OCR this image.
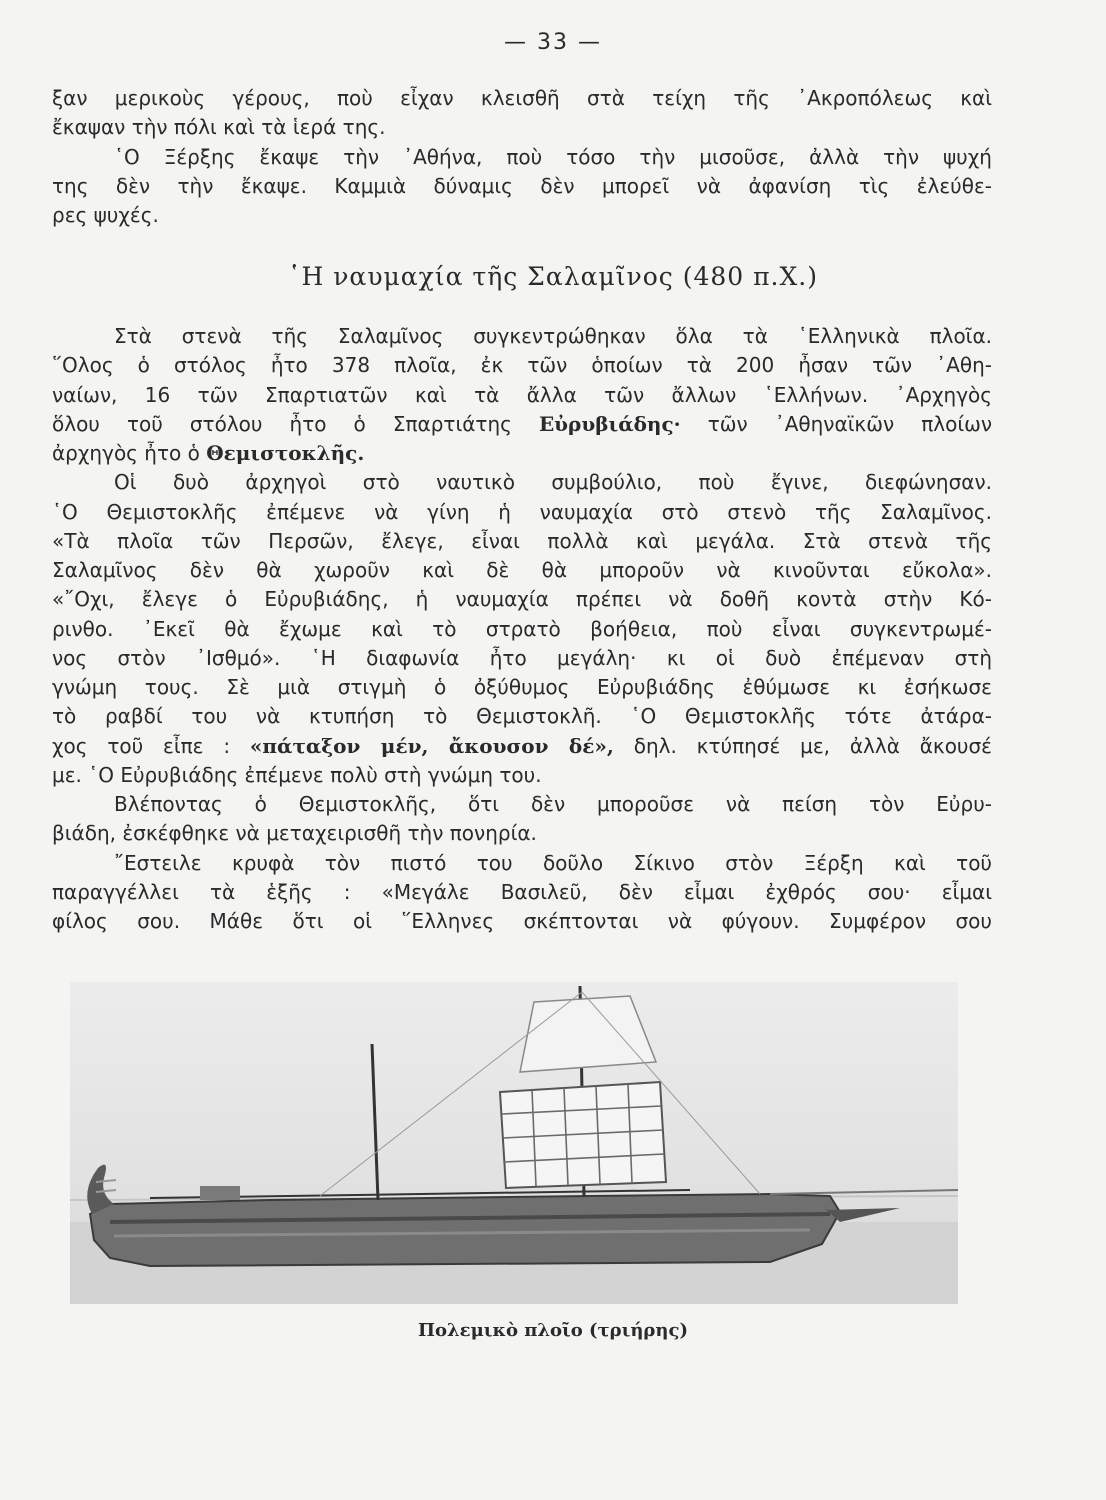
— 33 —
ξαν μερικοὺς γέρους, ποὺ εἶχαν κλεισθῆ στὰ τείχη τῆς ᾿Ακροπόλεως καὶ
ἔκαψαν τὴν πόλι καὶ τὰ ἱερά της.
῾Ο Ξέρξης ἔκαψε τὴν ᾿Αθήνα, ποὺ τόσο τὴν μισοῦσε, ἀλλὰ τὴν ψυχή
της δὲν τὴν ἔκαψε. Καμμιὰ δύναμις δὲν μπορεῖ νὰ ἀφανίση τὶς ἐλεύθε-
ρες ψυχές.
῾Η ναυμαχία τῆς Σαλαμῖνος (480 π.Χ.)
Στὰ στενὰ τῆς Σαλαμῖνος συγκεντρώθηκαν ὅλα τὰ ῾Ελληνικὰ πλοῖα.
῞Ολος ὁ στόλος ἦτο 378 πλοῖα, ἐκ τῶν ὁποίων τὰ 200 ἦσαν τῶν ᾿Αθη-
ναίων, 16 τῶν Σπαρτιατῶν καὶ τὰ ἄλλα τῶν ἄλλων ῾Ελλήνων. ᾿Αρχηγὸς
ὅλου τοῦ στόλου ἦτο ὁ Σπαρτιάτης Εὐρυβιάδης· τῶν ᾿Αθηναϊκῶν πλοίων
ἀρχηγὸς ἦτο ὁ Θεμιστοκλῆς.
Οἱ δυὸ ἀρχηγοὶ στὸ ναυτικὸ συμβούλιο, ποὺ ἔγινε, διεφώνησαν.
῾Ο Θεμιστοκλῆς ἐπέμενε νὰ γίνη ἡ ναυμαχία στὸ στενὸ τῆς Σαλαμῖνος.
«Τὰ πλοῖα τῶν Περσῶν, ἔλεγε, εἶναι πολλὰ καὶ μεγάλα. Στὰ στενὰ τῆς
Σαλαμῖνος δὲν θὰ χωροῦν καὶ δὲ θὰ μποροῦν νὰ κινοῦνται εὔκολα».
«῎Οχι, ἔλεγε ὁ Εὐρυβιάδης, ἡ ναυμαχία πρέπει νὰ δοθῆ κοντὰ στὴν Κό-
ρινθο. ᾿Εκεῖ θὰ ἔχωμε καὶ τὸ στρατὸ βοήθεια, ποὺ εἶναι συγκεντρωμέ-
νος στὸν ᾿Ισθμό». ῾Η διαφωνία ἦτο μεγάλη· κι οἱ δυὸ ἐπέμεναν στὴ
γνώμη τους. Σὲ μιὰ στιγμὴ ὁ ὀξύθυμος Εὐρυβιάδης ἐθύμωσε κι ἐσήκωσε
τὸ ραβδί του νὰ κτυπήση τὸ Θεμιστοκλῆ. ῾Ο Θεμιστοκλῆς τότε ἀτάρα-
χος τοῦ εἶπε : «πάταξον μέν, ἄκουσον δέ», δηλ. κτύπησέ με, ἀλλὰ ἄκουσέ
με. ῾Ο Εὐρυβιάδης ἐπέμενε πολὺ στὴ γνώμη του.
Βλέποντας ὁ Θεμιστοκλῆς, ὅτι δὲν μποροῦσε νὰ πείση τὸν Εὐρυ-
βιάδη, ἐσκέφθηκε νὰ μεταχειρισθῆ τὴν πονηρία.
῎Εστειλε κρυφὰ τὸν πιστό του δοῦλο Σίκινο στὸν Ξέρξη καὶ τοῦ
παραγγέλλει τὰ ἑξῆς : «Μεγάλε Βασιλεῦ, δὲν εἶμαι ἐχθρός σου· εἶμαι
φίλος σου. Μάθε ὅτι οἱ ῞Ελληνες σκέπτονται νὰ φύγουν. Συμφέρον σου
Πολεμικὸ πλοῖο (τριήρης)
